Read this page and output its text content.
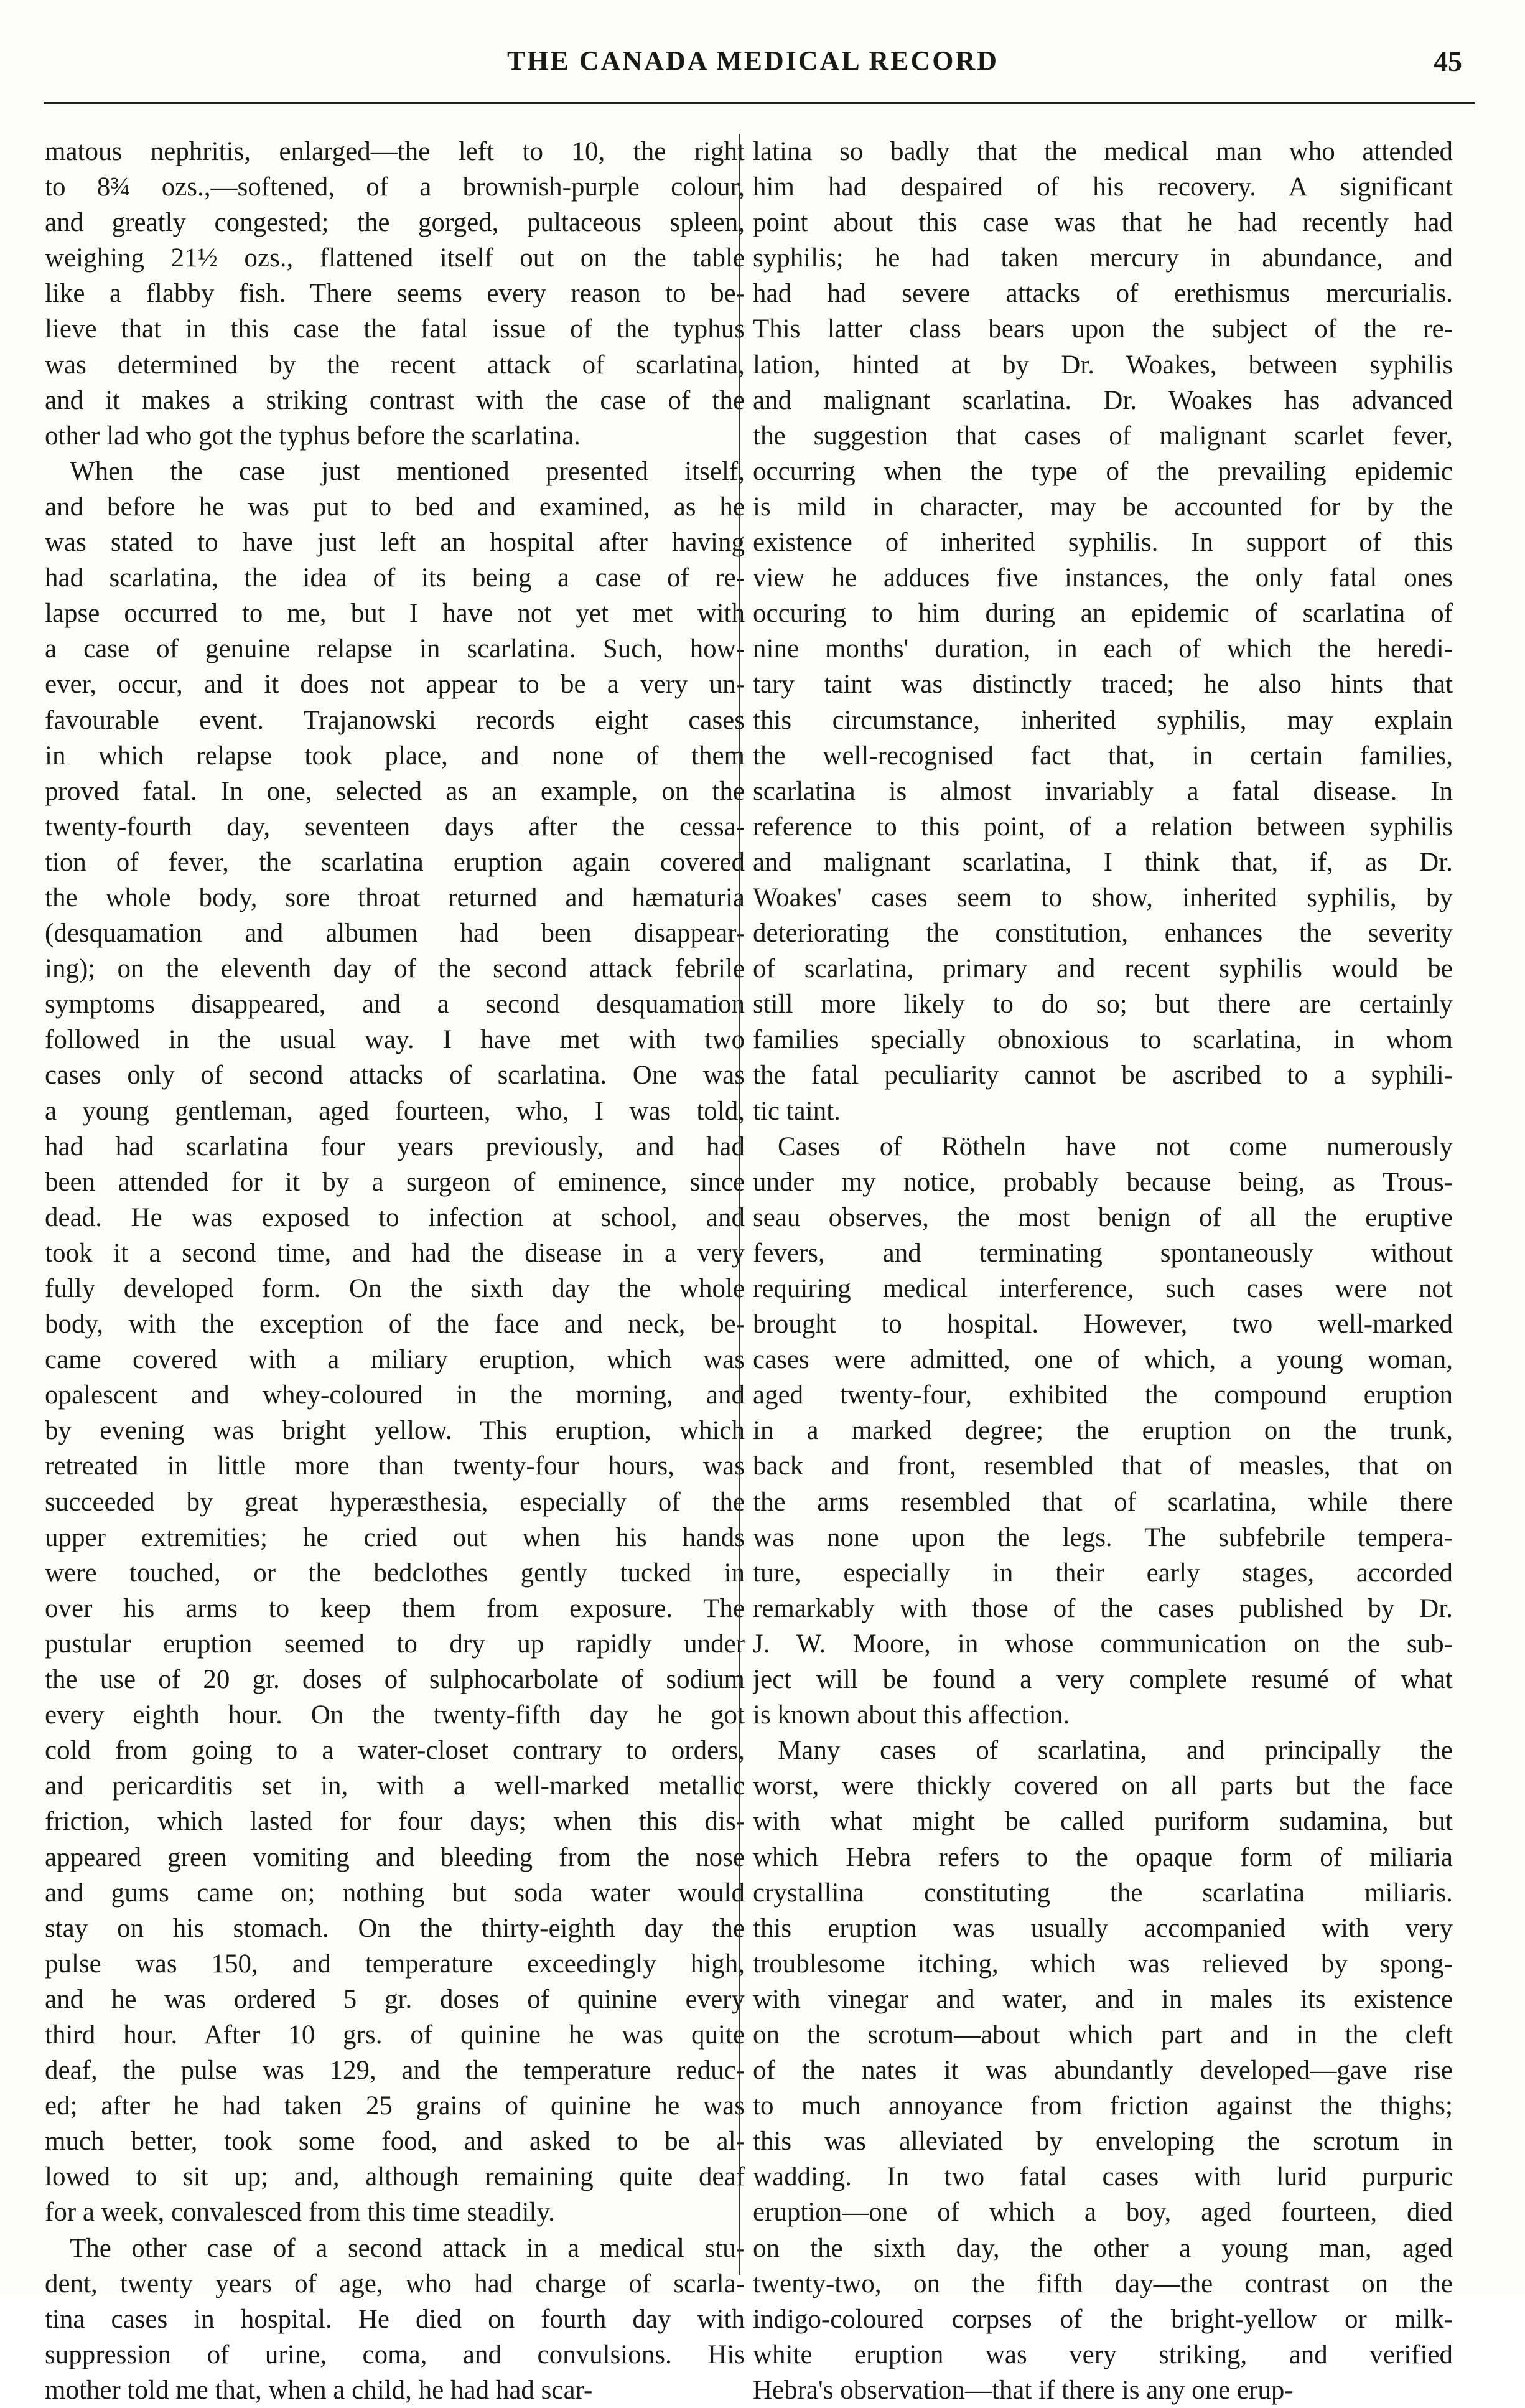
THE CANADA MEDICAL RECORD	45
matous nephritis, enlarged—the left to 10, the right
to 8¾ ozs.,—softened, of a brownish-purple colour,
and greatly congested; the gorged, pultaceous spleen,
weighing 21½ ozs., flattened itself out on the table
like a flabby fish. There seems every reason to be-
lieve that in this case the fatal issue of the typhus
was determined by the recent attack of scarlatina,
and it makes a striking contrast with the case of the
other lad who got the typhus before the scarlatina.
When the case just mentioned presented itself,
and before he was put to bed and examined, as he
was stated to have just left an hospital after having
had scarlatina, the idea of its being a case of re-
lapse occurred to me, but I have not yet met with
a case of genuine relapse in scarlatina. Such, how-
ever, occur, and it does not appear to be a very un-
favourable event. Trajanowski records eight cases
in which relapse took place, and none of them
proved fatal. In one, selected as an example, on the
twenty-fourth day, seventeen days after the cessa-
tion of fever, the scarlatina eruption again covered
the whole body, sore throat returned and hæmaturia
(desquamation and albumen had been disappear-
ing); on the eleventh day of the second attack febrile
symptoms disappeared, and a second desquamation
followed in the usual way. I have met with two
cases only of second attacks of scarlatina. One was
a young gentleman, aged fourteen, who, I was told,
had had scarlatina four years previously, and had
been attended for it by a surgeon of eminence, since
dead. He was exposed to infection at school, and
took it a second time, and had the disease in a very
fully developed form. On the sixth day the whole
body, with the exception of the face and neck, be-
came covered with a miliary eruption, which was
opalescent and whey-coloured in the morning, and
by evening was bright yellow. This eruption, which
retreated in little more than twenty-four hours, was
succeeded by great hyperæsthesia, especially of the
upper extremities; he cried out when his hands
were touched, or the bedclothes gently tucked in
over his arms to keep them from exposure. The
pustular eruption seemed to dry up rapidly under
the use of 20 gr. doses of sulphocarbolate of sodium
every eighth hour. On the twenty-fifth day he got
cold from going to a water-closet contrary to orders,
and pericarditis set in, with a well-marked metallic
friction, which lasted for four days; when this dis-
appeared green vomiting and bleeding from the nose
and gums came on; nothing but soda water would
stay on his stomach. On the thirty-eighth day the
pulse was 150, and temperature exceedingly high,
and he was ordered 5 gr. doses of quinine every
third hour. After 10 grs. of quinine he was quite
deaf, the pulse was 129, and the temperature reduc-
ed; after he had taken 25 grains of quinine he was
much better, took some food, and asked to be al-
lowed to sit up; and, although remaining quite deaf
for a week, convalesced from this time steadily.
The other case of a second attack in a medical stu-
dent, twenty years of age, who had charge of scarla-
tina cases in hospital. He died on fourth day with
suppression of urine, coma, and convulsions. His
mother told me that, when a child, he had had scar-
latina so badly that the medical man who attended
him had despaired of his recovery. A significant
point about this case was that he had recently had
syphilis; he had taken mercury in abundance, and
had had severe attacks of erethismus mercurialis.
This latter class bears upon the subject of the re-
lation, hinted at by Dr. Woakes, between syphilis
and malignant scarlatina. Dr. Woakes has advanced
the suggestion that cases of malignant scarlet fever,
occurring when the type of the prevailing epidemic
is mild in character, may be accounted for by the
existence of inherited syphilis. In support of this
view he adduces five instances, the only fatal ones
occuring to him during an epidemic of scarlatina of
nine months' duration, in each of which the heredi-
tary taint was distinctly traced; he also hints that
this circumstance, inherited syphilis, may explain
the well-recognised fact that, in certain families,
scarlatina is almost invariably a fatal disease. In
reference to this point, of a relation between syphilis
and malignant scarlatina, I think that, if, as Dr.
Woakes' cases seem to show, inherited syphilis, by
deteriorating the constitution, enhances the severity
of scarlatina, primary and recent syphilis would be
still more likely to do so; but there are certainly
families specially obnoxious to scarlatina, in whom
the fatal peculiarity cannot be ascribed to a syphili-
tic taint.
Cases of Rötheln have not come numerously
under my notice, probably because being, as Trous-
seau observes, the most benign of all the eruptive
fevers, and terminating spontaneously without
requiring medical interference, such cases were not
brought to hospital. However, two well-marked
cases were admitted, one of which, a young woman,
aged twenty-four, exhibited the compound eruption
in a marked degree; the eruption on the trunk,
back and front, resembled that of measles, that on
the arms resembled that of scarlatina, while there
was none upon the legs. The subfebrile tempera-
ture, especially in their early stages, accorded
remarkably with those of the cases published by Dr.
J. W. Moore, in whose communication on the sub-
ject will be found a very complete resumé of what
is known about this affection.
Many cases of scarlatina, and principally the
worst, were thickly covered on all parts but the face
with what might be called puriform sudamina, but
which Hebra refers to the opaque form of miliaria
crystallina constituting the scarlatina miliaris.
this eruption was usually accompanied with very
troublesome itching, which was relieved by spong-
with vinegar and water, and in males its existence
on the scrotum—about which part and in the cleft
of the nates it was abundantly developed—gave rise
to much annoyance from friction against the thighs;
this was alleviated by enveloping the scrotum in
wadding. In two fatal cases with lurid purpuric
eruption—one of which a boy, aged fourteen, died
on the sixth day, the other a young man, aged
twenty-two, on the fifth day—the contrast on the
indigo-coloured corpses of the bright-yellow or milk-
white eruption was very striking, and verified
Hebra's observation—that if there is any one erup-
